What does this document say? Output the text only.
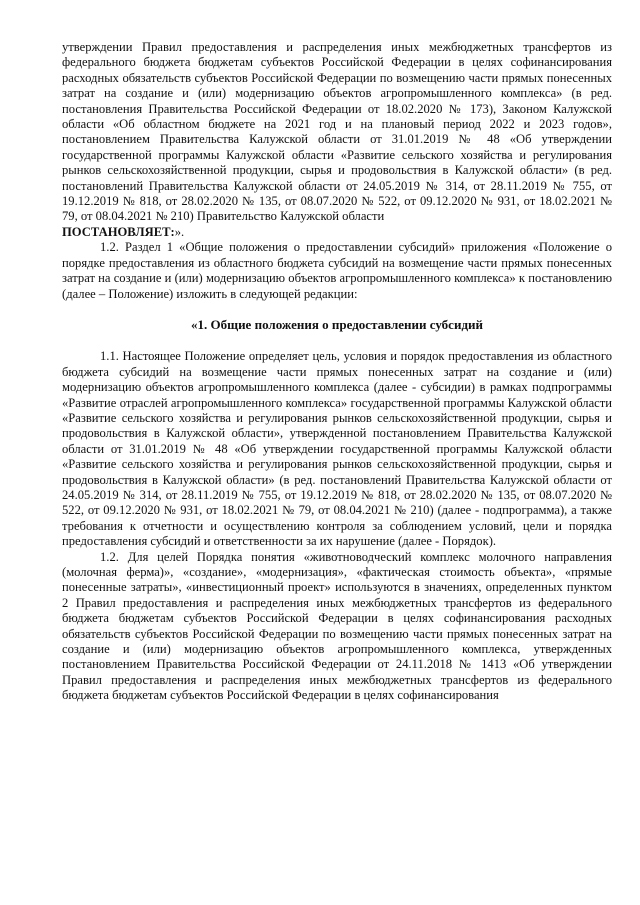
утверждении Правил предоставления и распределения иных межбюджетных трансфертов из федерального бюджета бюджетам субъектов Российской Федерации в целях софинансирования расходных обязательств субъектов Российской Федерации по возмещению части прямых понесенных затрат на создание и (или) модернизацию объектов агропромышленного комплекса» (в ред. постановления Правительства Российской Федерации от 18.02.2020 № 173), Законом Калужской области «Об областном бюджете на 2021 год и на плановый период 2022 и 2023 годов», постановлением Правительства Калужской области от 31.01.2019 № 48 «Об утверждении государственной программы Калужской области «Развитие сельского хозяйства и регулирования рынков сельскохозяйственной продукции, сырья и продовольствия в Калужской области» (в ред. постановлений Правительства Калужской области от 24.05.2019 № 314, от 28.11.2019 № 755, от 19.12.2019 № 818, от 28.02.2020 № 135, от 08.07.2020 № 522, от 09.12.2020 № 931, от 18.02.2021 № 79, от 08.04.2021 № 210) Правительство Калужской области
ПОСТАНОВЛЯЕТ:».

1.2. Раздел 1 «Общие положения о предоставлении субсидий» приложения «Положение о порядке предоставления из областного бюджета субсидий на возмещение части прямых понесенных затрат на создание и (или) модернизацию объектов агропромышленного комплекса» к постановлению (далее – Положение) изложить в следующей редакции:

«1. Общие положения о предоставлении субсидий

1.1. Настоящее Положение определяет цель, условия и порядок предоставления из областного бюджета субсидий на возмещение части прямых понесенных затрат на создание и (или) модернизацию объектов агропромышленного комплекса (далее - субсидии) в рамках подпрограммы «Развитие отраслей агропромышленного комплекса» государственной программы Калужской области «Развитие сельского хозяйства и регулирования рынков сельскохозяйственной продукции, сырья и продовольствия в Калужской области», утвержденной постановлением Правительства Калужской области от 31.01.2019 № 48 «Об утверждении государственной программы Калужской области «Развитие сельского хозяйства и регулирования рынков сельскохозяйственной продукции, сырья и продовольствия в Калужской области» (в ред. постановлений Правительства Калужской области от 24.05.2019 № 314, от 28.11.2019 № 755, от 19.12.2019 № 818, от 28.02.2020 № 135, от 08.07.2020 № 522, от 09.12.2020 № 931, от 18.02.2021 № 79, от 08.04.2021 № 210) (далее - подпрограмма), а также требования к отчетности и осуществлению контроля за соблюдением условий, цели и порядка предоставления субсидий и ответственности за их нарушение (далее - Порядок).

1.2. Для целей Порядка понятия «животноводческий комплекс молочного направления (молочная ферма)», «создание», «модернизация», «фактическая стоимость объекта», «прямые понесенные затраты», «инвестиционный проект» используются в значениях, определенных пунктом 2 Правил предоставления и распределения иных межбюджетных трансфертов из федерального бюджета бюджетам субъектов Российской Федерации в целях софинансирования расходных обязательств субъектов Российской Федерации по возмещению части прямых понесенных затрат на создание и (или) модернизацию объектов агропромышленного комплекса, утвержденных постановлением Правительства Российской Федерации от 24.11.2018 № 1413 «Об утверждении Правил предоставления и распределения иных межбюджетных трансфертов из федерального бюджета бюджетам субъектов Российской Федерации в целях софинансирования
